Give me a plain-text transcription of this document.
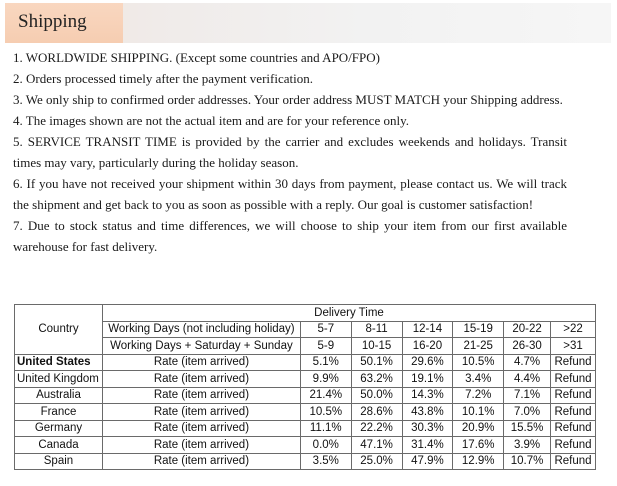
Shipping

1. WORLDWIDE SHIPPING. (Except some countries and APO/FPO)

2. Orders processed timely after the payment verification.

3. We only ship to confirmed order addresses. Your order address MUST MATCH your Shipping address.

4. The images shown are not the actual item and are for your reference only.

5. SERVICE TRANSIT TIME is provided by the carrier and excludes weekends and holidays. Transit times may vary, particularly during the holiday season.

6. If you have not received your shipment within 30 days from payment, please contact us. We will track the shipment and get back to you as soon as possible with a reply. Our goal is customer satisfaction!

7. Due to stock status and time differences, we will choose to ship your item from our first available warehouse for fast delivery.

Country	Delivery Time						
	Working Days (not including holiday)	5-7	8-11	12-14	15-19	20-22	>22
	Working Days + Saturday + Sunday	5-9	10-15	16-20	21-25	26-30	>31
United States	Rate (item arrived)	5.1%	50.1%	29.6%	10.5%	4.7%	Refund
United Kingdom	Rate (item arrived)	9.9%	63.2%	19.1%	3.4%	4.4%	Refund
Australia	Rate (item arrived)	21.4%	50.0%	14.3%	7.2%	7.1%	Refund
France	Rate (item arrived)	10.5%	28.6%	43.8%	10.1%	7.0%	Refund
Germany	Rate (item arrived)	11.1%	22.2%	30.3%	20.9%	15.5%	Refund
Canada	Rate (item arrived)	0.0%	47.1%	31.4%	17.6%	3.9%	Refund
Spain	Rate (item arrived)	3.5%	25.0%	47.9%	12.9%	10.7%	Refund
